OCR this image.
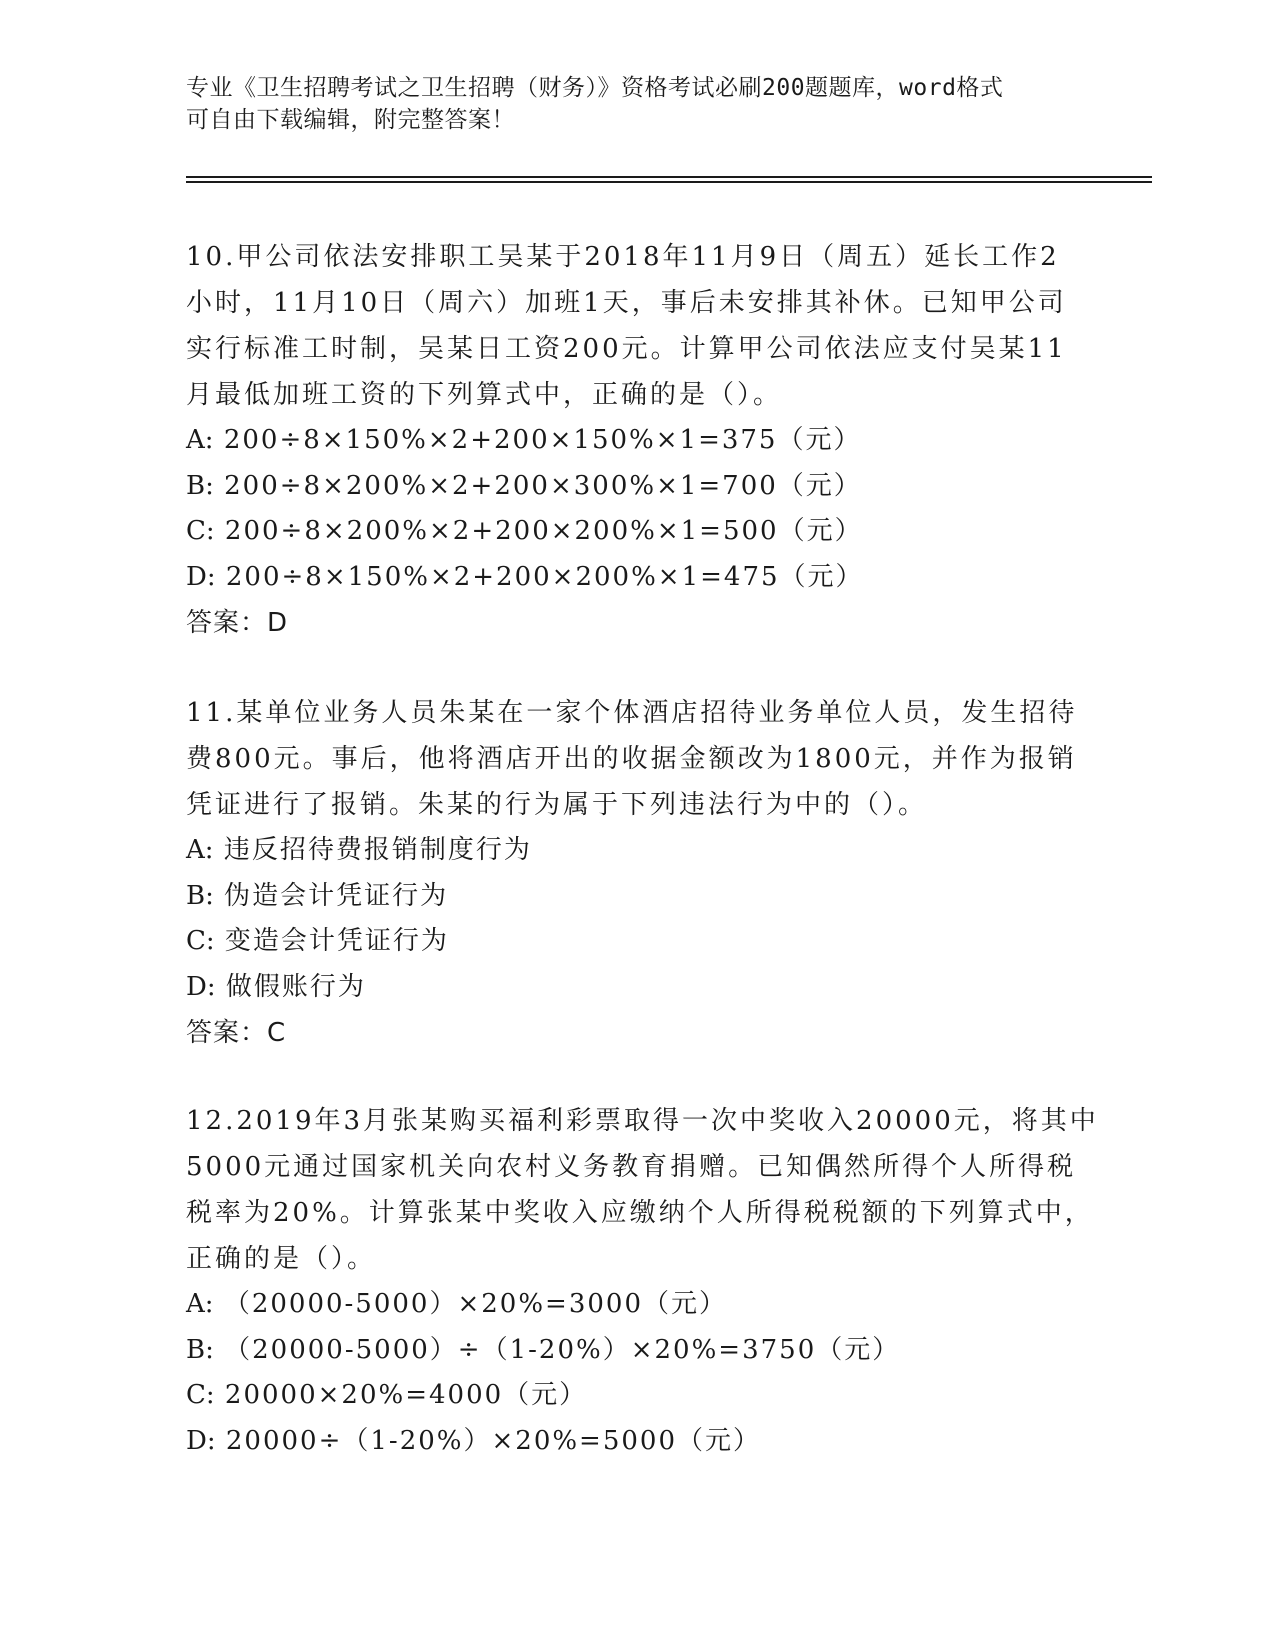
专业《卫生招聘考试之卫生招聘（财务）》资格考试必刷200题题库，word格式
可自由下载编辑，附完整答案！
10.甲公司依法安排职工吴某于2018年11月9日（周五）延长工作2
小时，11月10日（周六）加班1天，事后未安排其补休。已知甲公司
实行标准工时制，吴某日工资200元。计算甲公司依法应支付吴某11
月最低加班工资的下列算式中，正确的是（）。
A: 200÷8×150%×2+200×150%×1=375（元）
B: 200÷8×200%×2+200×300%×1=700（元）
C: 200÷8×200%×2+200×200%×1=500（元）
D: 200÷8×150%×2+200×200%×1=475（元）
答案：D
11.某单位业务人员朱某在一家个体酒店招待业务单位人员，发生招待
费800元。事后，他将酒店开出的收据金额改为1800元，并作为报销
凭证进行了报销。朱某的行为属于下列违法行为中的（）。
A: 违反招待费报销制度行为
B: 伪造会计凭证行为
C: 变造会计凭证行为
D: 做假账行为
答案：C
12.2019年3月张某购买福利彩票取得一次中奖收入20000元，将其中
5000元通过国家机关向农村义务教育捐赠。已知偶然所得个人所得税
税率为20%。计算张某中奖收入应缴纳个人所得税税额的下列算式中，
正确的是（）。
A: （20000-5000）×20%=3000（元）
B: （20000-5000）÷（1-20%）×20%=3750（元）
C: 20000×20%=4000（元）
D: 20000÷（1-20%）×20%=5000（元）
